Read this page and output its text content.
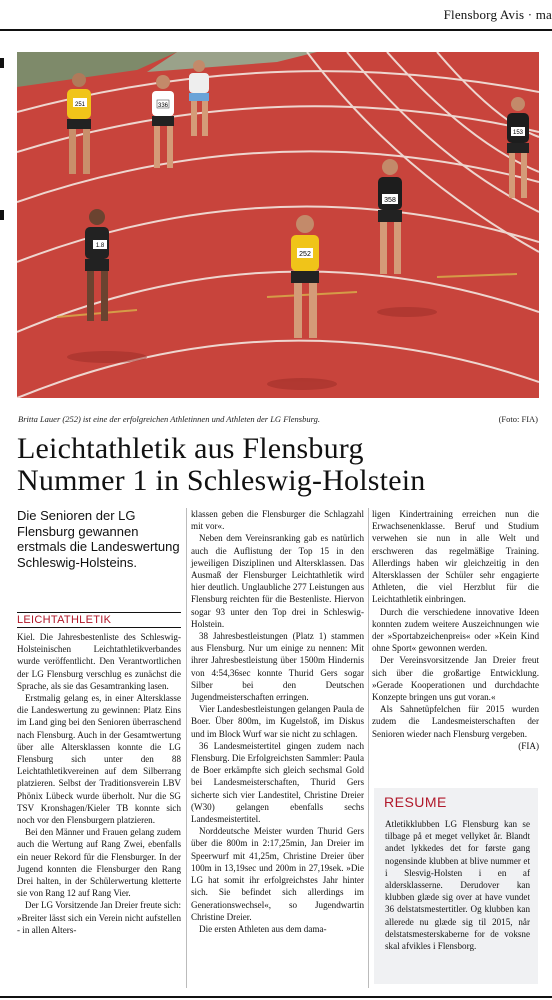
Flensborg Avis · ma
251	336
252
358
153
1.8
Britta Lauer (252) ist eine der erfolgreichen Athletinnen und Athleten der LG Flensburg.	(Foto: FIA)
Leichtathletik aus Flensburg
Nummer 1 in Schleswig-Holstein
Die Senioren der LG Flensburg gewannen erstmals die Landeswertung Schleswig-Holsteins.
LEICHTATHLETIK

Kiel. Die Jahresbestenliste des Schleswig-Holsteinischen Leichtathletikverbandes wurde veröffentlicht. Den Verantwortlichen der LG Flensburg verschlug es zunächst die Sprache, als sie das Gesamtranking lasen.

Erstmalig gelang es, in einer Altersklasse die Landeswertung zu gewinnen: Platz Eins im Land ging bei den Senioren überraschend nach Flensburg. Auch in der Gesamtwertung über alle Altersklassen konnte die LG Flensburg sich unter den 88 Leichtathletikvereinen auf dem Silberrang platzieren. Selbst der Traditionsverein LBV Phönix Lübeck wurde überholt. Nur die SG TSV Kronshagen/Kieler TB konnte sich noch vor den Flensburgern platzieren.

Bei den Männer und Frauen gelang zudem auch die Wertung auf Rang Zwei, ebenfalls ein neuer Rekord für die Flensburger. In der Jugend konnten die Flensburger den Rang Drei halten, in der Schülerwertung kletterte sie von Rang 12 auf Rang Vier.

Der LG Vorsitzende Jan Dreier freute sich: »Breiter lässt sich ein Verein nicht aufstellen - in allen Alters-

klassen geben die Flensburger die Schlagzahl mit vor«.

Neben dem Vereinsranking gab es natürlich auch die Auflistung der Top 15 in den jeweiligen Disziplinen und Altersklassen. Das Ausmaß der Flensburger Leichtathletik wird hier deutlich. Unglaubliche 277 Leistungen aus Flensburg reichten für die Bestenliste. Hiervon sogar 93 unter den Top drei in Schleswig-Holstein.

38 Jahresbestleistungen (Platz 1) stammen aus Flensburg. Nur um einige zu nennen: Mit ihrer Jahresbestleistung über 1500m Hindernis von 4:54,36sec konnte Thurid Gers sogar Silber bei den Deutschen Jugendmeisterschaften erringen.

Vier Landesbestleistungen gelangen Paula de Boer. Über 800m, im Kugelstoß, im Diskus und im Block Wurf war sie nicht zu schlagen.

36 Landesmeistertitel gingen zudem nach Flensburg. Die Erfolgreichsten Sammler: Paula de Boer erkämpfte sich gleich sechsmal Gold bei Landesmeisterschaften, Thurid Gers sicherte sich vier Landestitel, Christine Dreier (W30) gelangen ebenfalls sechs Landesmeistertitel.

Norddeutsche Meister wurden Thurid Gers über die 800m in 2:17,25min, Jan Dreier im Speerwurf mit 41,25m, Christine Dreier über 100m in 13,19sec und 200m in 27,19sek. »Die LG hat somit ihr erfolgreichstes Jahr hinter sich. Sie befindet sich allerdings im Generationswechsel«, so Jugendwartin Christine Dreier.

Die ersten Athleten aus dem dama-

ligen Kindertraining erreichen nun die Erwachsenenklasse. Beruf und Studium verwehen sie nun in alle Welt und erschweren das regelmäßige Training. Allerdings haben wir gleichzeitig in den Altersklassen der Schüler sehr engagierte Athleten, die viel Herzblut für die Leichtathletik einbringen.

Durch die verschiedene innovative Ideen konnten zudem weitere Auszeichnungen wie der »Sportabzeichenpreis« oder »Kein Kind ohne Sport« gewonnen werden.

Der Vereinsvorsitzende Jan Dreier freut sich über die großartige Entwicklung. »Gerade Kooperationen und durchdachte Konzepte bringen uns gut voran.«

Als Sahnetüpfelchen für 2015 wurden zudem die Landesmeisterschaften der Senioren wieder nach Flensburg vergeben.

(FIA)
RESUME
Atletikklubben LG Flensburg kan se tilbage på et meget vellyket år. Blandt andet lykkedes det for første gang nogensinde klubben at blive nummer et i Slesvig-Holsten i en af aldersklasserne. Derudover kan klubben glæde sig over at have vundet 36 delstatsmestertitler. Og klubben kan allerede nu glæde sig til 2015, når delstatsmesterskaberne for de voksne skal afvikles i Flensborg.
